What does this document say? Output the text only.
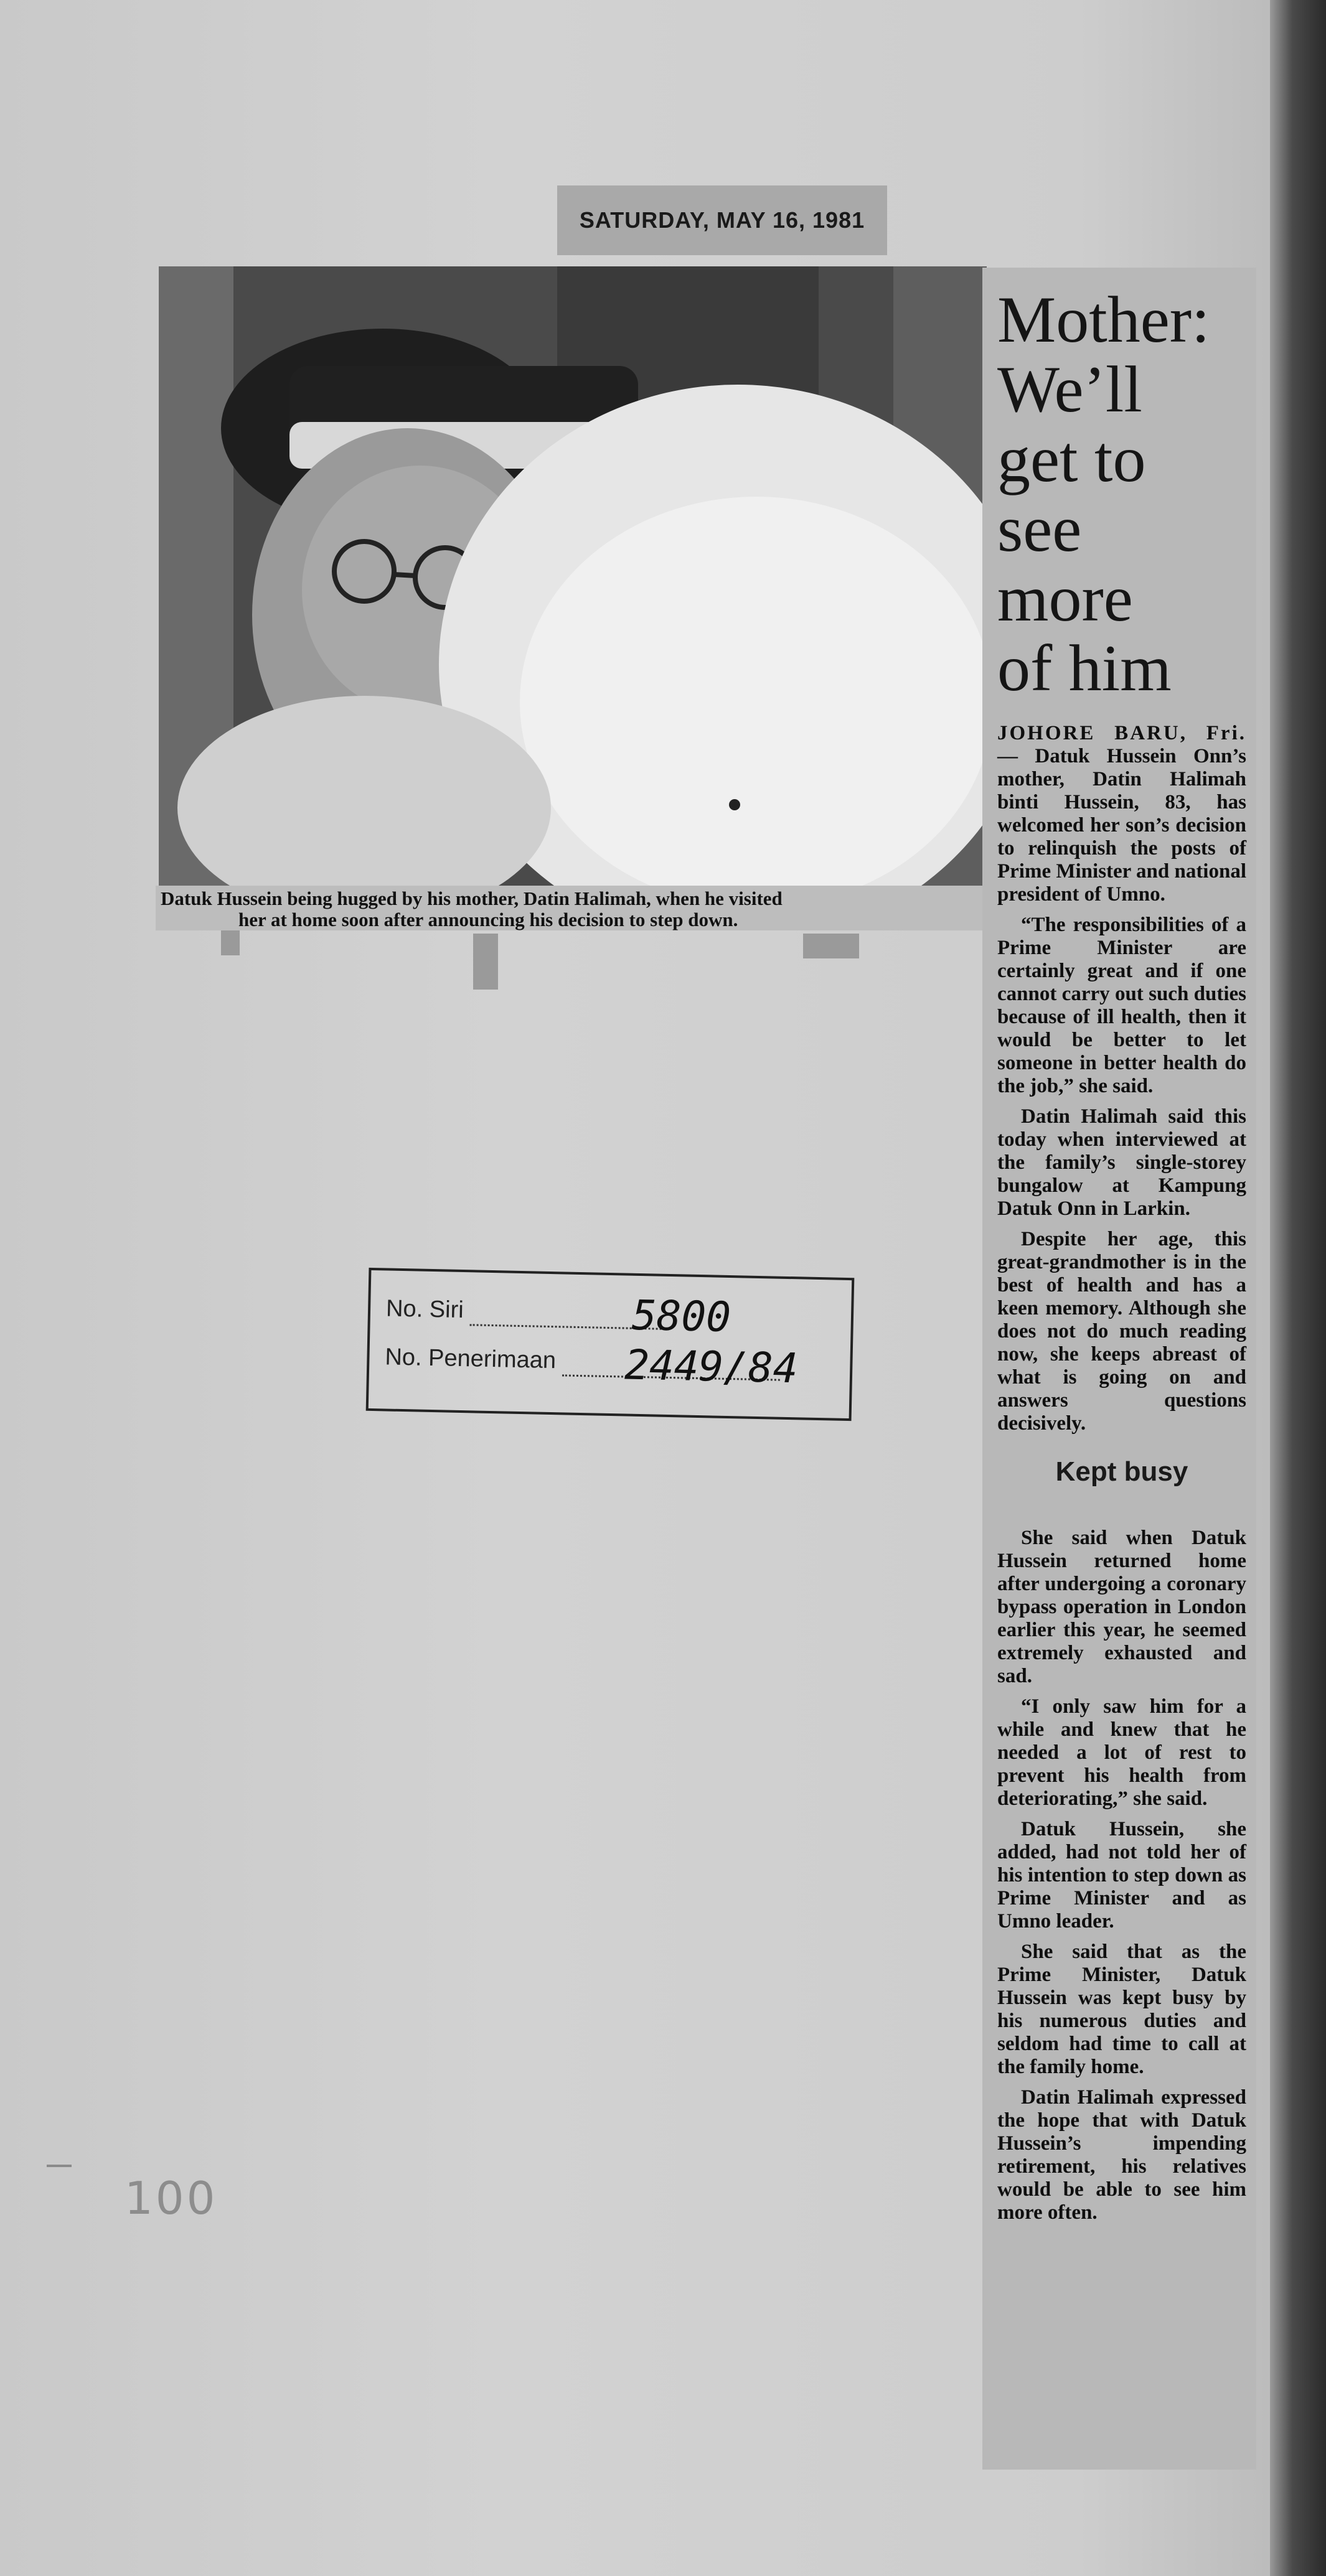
SATURDAY, MAY 16, 1981
Datuk Hussein being hugged by his mother, Datin Halimah, when he visited
her at home soon after announcing his decision to step down.
Mother:
We’ll
get to
see
more
of him

JOHORE BARU, Fri. — Datuk Hussein Onn’s mother, Datin Halimah binti Hussein, 83, has welcomed her son’s decision to relinquish the posts of Prime Minister and national president of Umno.

“The responsibilities of a Prime Minister are certainly great and if one cannot carry out such duties because of ill health, then it would be better to let someone in better health do the job,” she said.

Datin Halimah said this today when interviewed at the family’s single-storey bungalow at Kampung Datuk Onn in Larkin.

Despite her age, this great-grandmother is in the best of health and has a keen memory. Although she does not do much reading now, she keeps abreast of what is going on and answers questions decisively.

Kept busy

She said when Datuk Hussein returned home after undergoing a coronary bypass operation in London earlier this year, he seemed extremely exhausted and sad.

“I only saw him for a while and knew that he needed a lot of rest to prevent his health from deteriorating,” she said.

Datuk Hussein, she added, had not told her of his intention to step down as Prime Minister and as Umno leader.

She said that as the Prime Minister, Datuk Hussein was kept busy by his numerous duties and seldom had time to call at the family home.

Datin Halimah expressed the hope that with Datuk Hussein’s impending retirement, his relatives would be able to see him more often.

No. Siri	5800
No. Penerimaan	2449/84
100
